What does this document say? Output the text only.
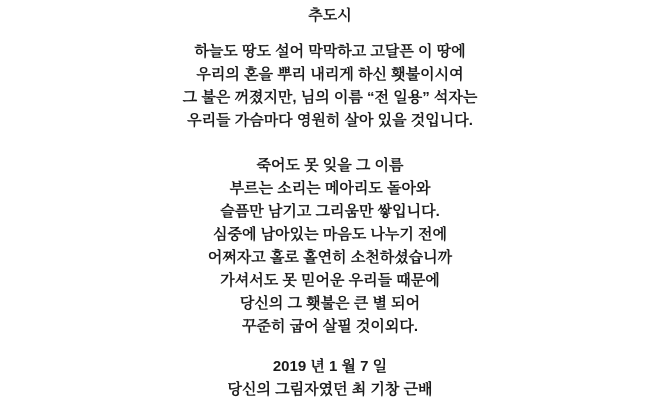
추도시

하늘도 땅도 설어 막막하고 고달픈 이 땅에

우리의 혼을 뿌리 내리게 하신 횃불이시여

그 불은 꺼졌지만, 님의 이름 “전 일용” 석자는

우리들 가슴마다 영원히 살아 있을 것입니다.

죽어도 못 잊을 그 이름

부르는 소리는 메아리도 돌아와

슬픔만 남기고 그리움만 쌓입니다.

심중에 남아있는 마음도 나누기 전에

어쩌자고 홀로 홀연히 소천하셨습니까

가셔서도 못 믿어운 우리들 때문에

당신의 그 횃불은 큰 별 되어

꾸준히 굽어 살필 것이외다.

2019 년 1 월 7 일

당신의 그림자였던 최 기창 근배
